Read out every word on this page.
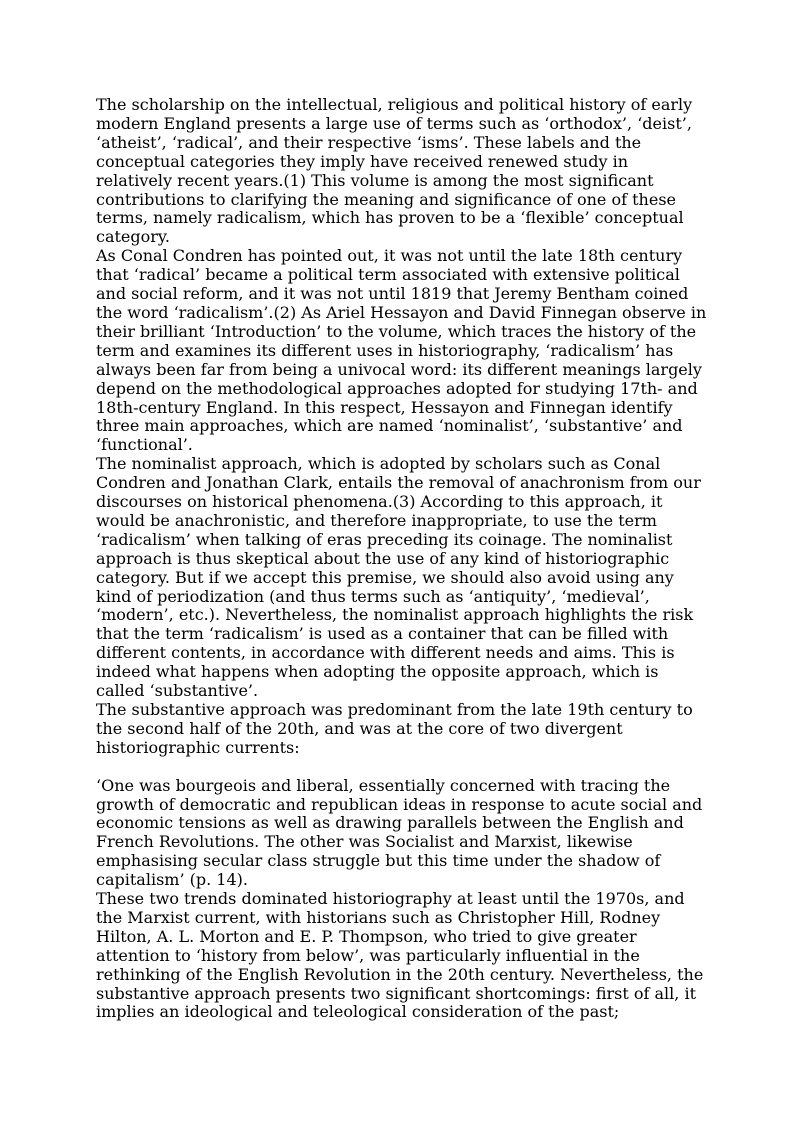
The scholarship on the intellectual, religious and political history of early modern England presents a large use of terms such as ‘orthodox’, ‘deist’, ‘atheist’, ‘radical’, and their respective ‘isms’. These labels and the conceptual categories they imply have received renewed study in relatively recent years.(1) This volume is among the most significant contributions to clarifying the meaning and significance of one of these terms, namely radicalism, which has proven to be a ‘flexible’ conceptual category.

As Conal Condren has pointed out, it was not until the late 18th century that ‘radical’ became a political term associated with extensive political and social reform, and it was not until 1819 that Jeremy Bentham coined the word ‘radicalism’.(2) As Ariel Hessayon and David Finnegan observe in their brilliant ‘Introduction’ to the volume, which traces the history of the term and examines its different uses in historiography, ‘radicalism’ has always been far from being a univocal word: its different meanings largely depend on the methodological approaches adopted for studying 17th- and 18th-century England. In this respect, Hessayon and Finnegan identify three main approaches, which are named ‘nominalist’, ‘substantive’ and ‘functional’.

The nominalist approach, which is adopted by scholars such as Conal Condren and Jonathan Clark, entails the removal of anachronism from our discourses on historical phenomena.(3) According to this approach, it would be anachronistic, and therefore inappropriate, to use the term ‘radicalism’ when talking of eras preceding its coinage. The nominalist approach is thus skeptical about the use of any kind of historiographic category. But if we accept this premise, we should also avoid using any kind of periodization (and thus terms such as ‘antiquity’, ‘medieval’, ‘modern’, etc.). Nevertheless, the nominalist approach highlights the risk that the term ‘radicalism’ is used as a container that can be filled with different contents, in accordance with different needs and aims. This is indeed what happens when adopting the opposite approach, which is called ‘substantive’.

The substantive approach was predominant from the late 19th century to the second half of the 20th, and was at the core of two divergent historiographic currents:

‘One was bourgeois and liberal, essentially concerned with tracing the growth of democratic and republican ideas in response to acute social and economic tensions as well as drawing parallels between the English and French Revolutions. The other was Socialist and Marxist, likewise emphasising secular class struggle but this time under the shadow of capitalism’ (p. 14).

These two trends dominated historiography at least until the 1970s, and the Marxist current, with historians such as Christopher Hill, Rodney Hilton, A. L. Morton and E. P. Thompson, who tried to give greater attention to ‘history from below’, was particularly influential in the rethinking of the English Revolution in the 20th century. Nevertheless, the substantive approach presents two significant shortcomings: first of all, it implies an ideological and teleological consideration of the past;
